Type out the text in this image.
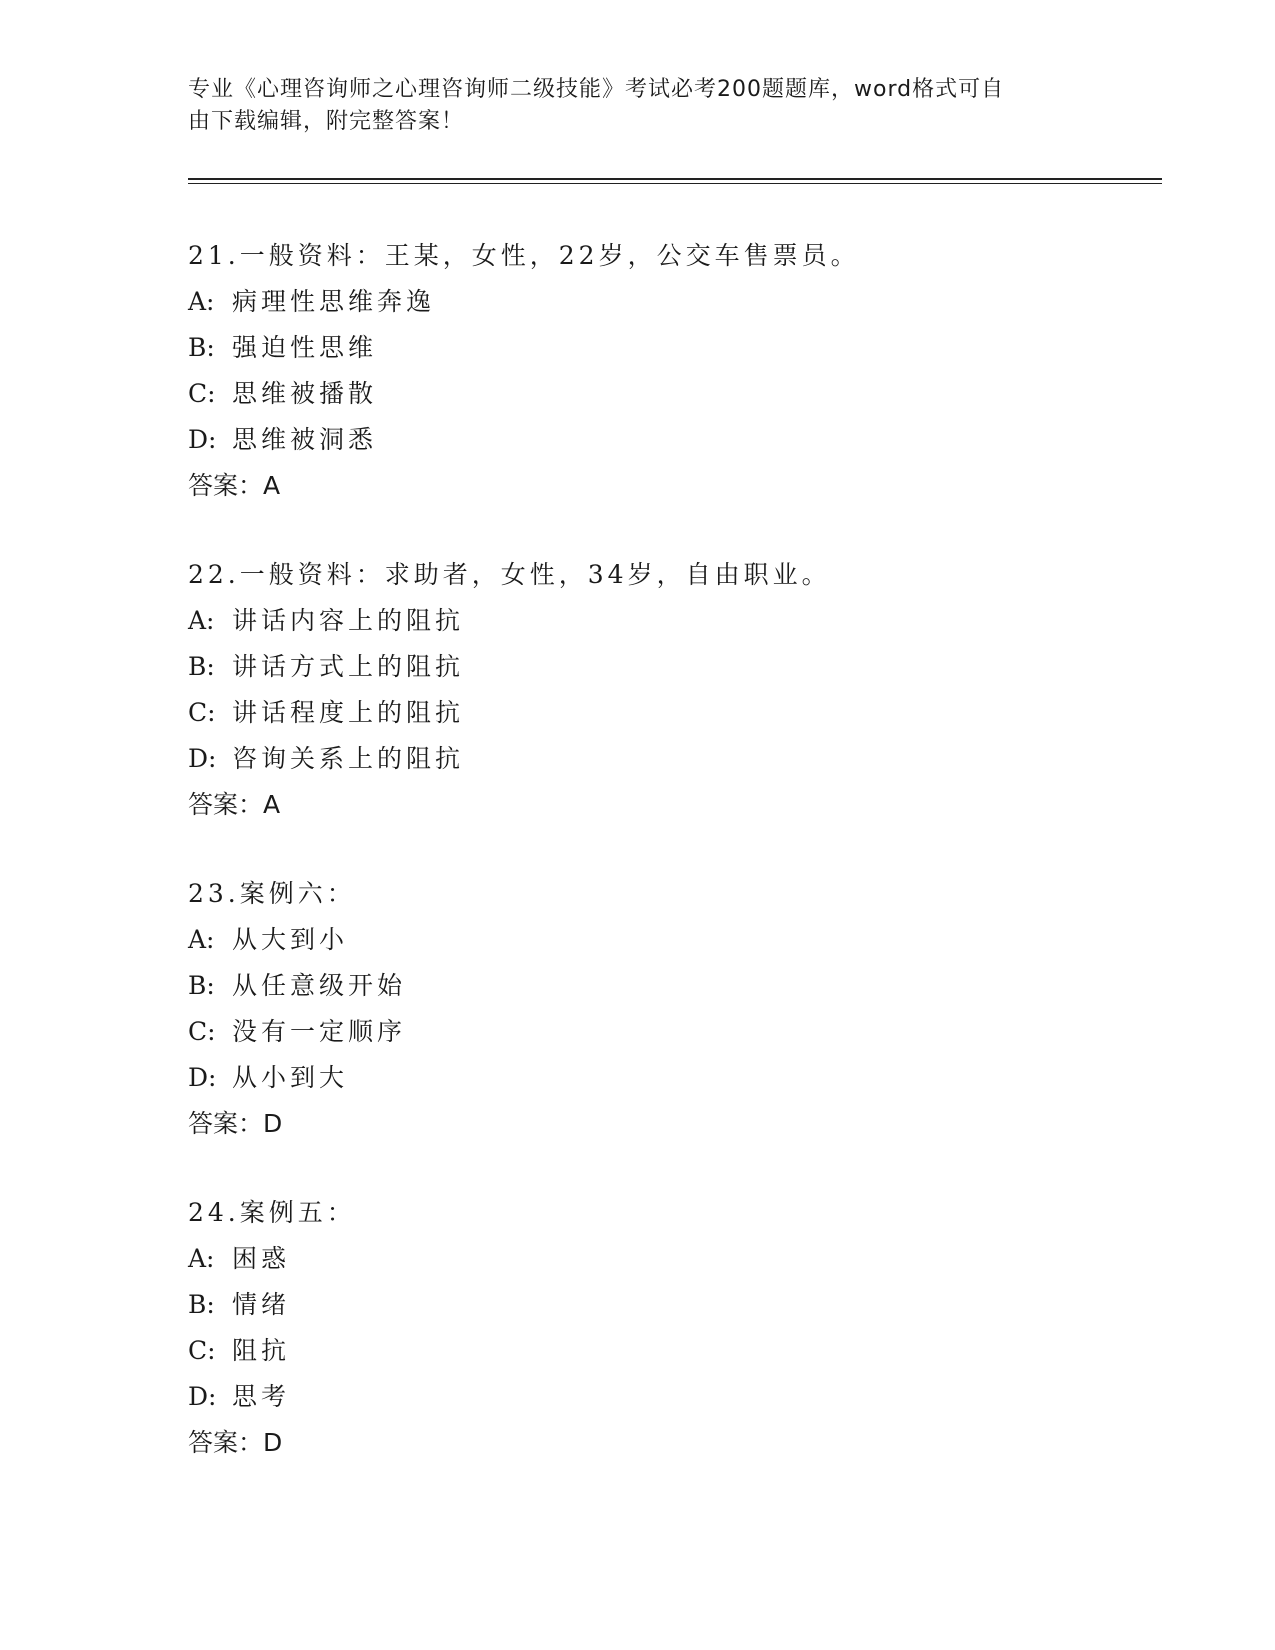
专业《心理咨询师之心理咨询师二级技能》考试必考200题题库，word格式可自
由下载编辑，附完整答案！
21.一般资料：王某，女性，22岁，公交车售票员。
A: 病理性思维奔逸
B: 强迫性思维
C: 思维被播散
D: 思维被洞悉
答案：A
22.一般资料：求助者，女性，34岁，自由职业。
A: 讲话内容上的阻抗
B: 讲话方式上的阻抗
C: 讲话程度上的阻抗
D: 咨询关系上的阻抗
答案：A
23.案例六：
A: 从大到小
B: 从任意级开始
C: 没有一定顺序
D: 从小到大
答案：D
24.案例五：
A: 困惑
B: 情绪
C: 阻抗
D: 思考
答案：D
